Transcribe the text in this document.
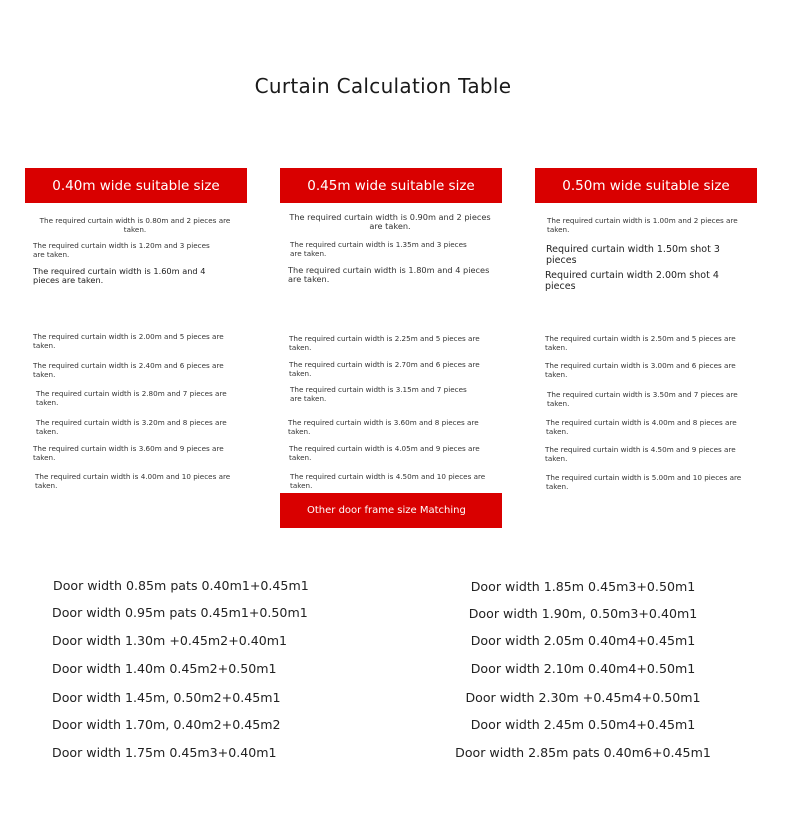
Curtain Calculation Table
0.40m wide suitable size
The required curtain width is 0.80m and 2 pieces are taken.
The required curtain width is 1.20m and 3 pieces are taken.
The required curtain width is 1.60m and 4 pieces are taken.
The required curtain width is 2.00m and 5 pieces are taken.
The required curtain width is 2.40m and 6 pieces are taken.
The required curtain width is 2.80m and 7 pieces are taken.
The required curtain width is 3.20m and 8 pieces are taken.
The required curtain width is 3.60m and 9 pieces are taken.
The required curtain width is 4.00m and 10 pieces are taken.
0.45m wide suitable size
The required curtain width is 0.90m and 2 pieces are taken.
The required curtain width is 1.35m and 3 pieces are taken.
The required curtain width is 1.80m and 4 pieces are taken.
The required curtain width is 2.25m and 5 pieces are taken.
The required curtain width is 2.70m and 6 pieces are taken.
The required curtain width is 3.15m and 7 pieces are taken.
The required curtain width is 3.60m and 8 pieces are taken.
The required curtain width is 4.05m and 9 pieces are taken.
The required curtain width is 4.50m and 10 pieces are taken.
0.50m wide suitable size
The required curtain width is 1.00m and 2 pieces are taken.
Required curtain width 1.50m shot 3 pieces
Required curtain width 2.00m shot 4 pieces
The required curtain width is 2.50m and 5 pieces are taken.
The required curtain width is 3.00m and 6 pieces are taken.
The required curtain width is 3.50m and 7 pieces are taken.
The required curtain width is 4.00m and 8 pieces are taken.
The required curtain width is 4.50m and 9 pieces are taken.
The required curtain width is 5.00m and 10 pieces are taken.
Other door frame size Matching
Door width 0.85m pats 0.40m1+0.45m1
Door width 0.95m pats 0.45m1+0.50m1
Door width 1.30m +0.45m2+0.40m1
Door width 1.40m 0.45m2+0.50m1
Door width 1.45m, 0.50m2+0.45m1
Door width 1.70m, 0.40m2+0.45m2
Door width 1.75m 0.45m3+0.40m1
Door width 1.85m 0.45m3+0.50m1
Door width 1.90m, 0.50m3+0.40m1
Door width 2.05m 0.40m4+0.45m1
Door width 2.10m 0.40m4+0.50m1
Door width 2.30m +0.45m4+0.50m1
Door width 2.45m 0.50m4+0.45m1
Door width 2.85m pats 0.40m6+0.45m1
